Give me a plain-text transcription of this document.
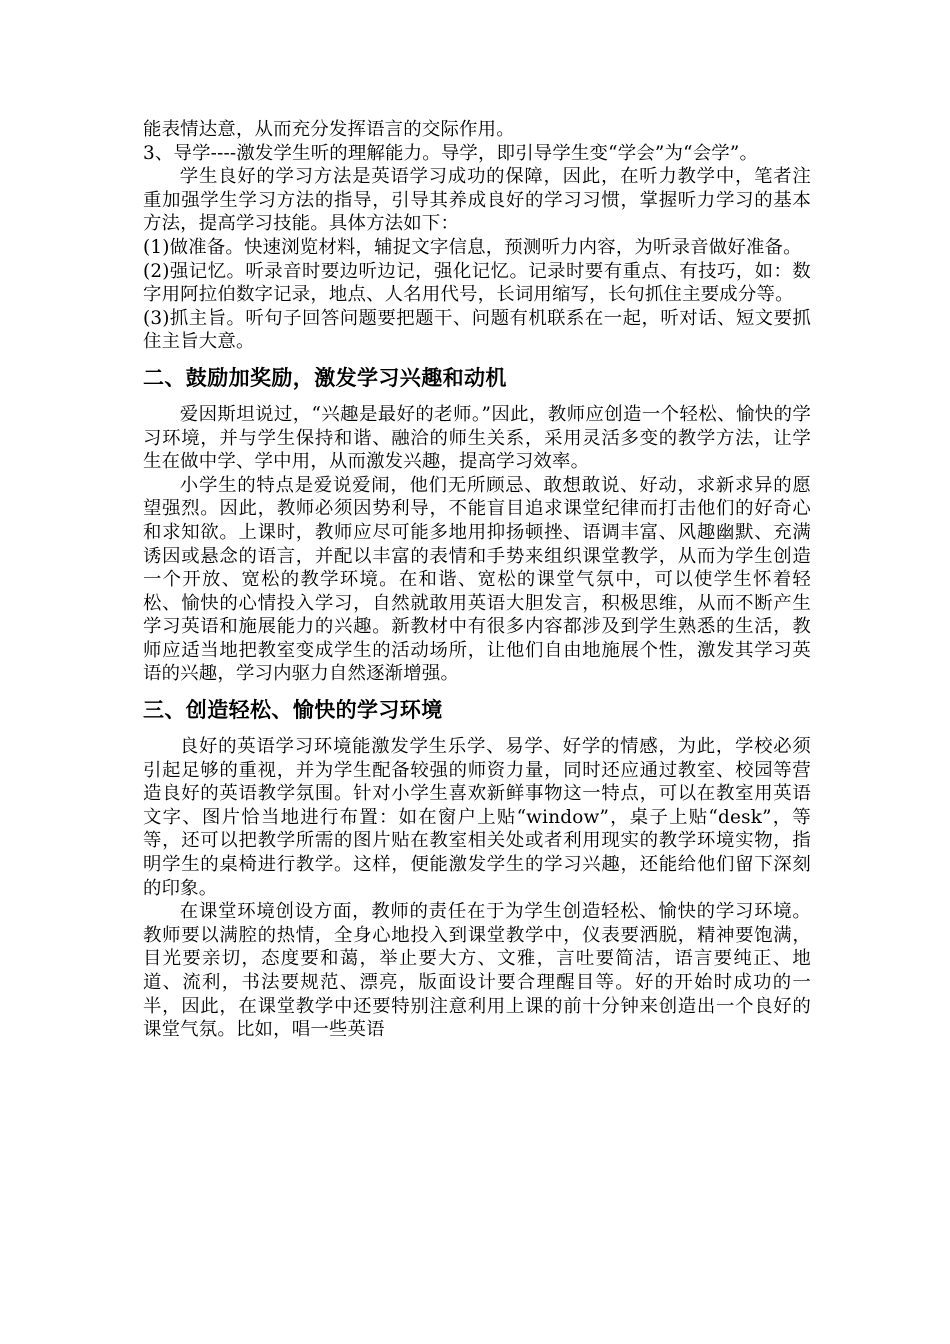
能表情达意，从而充分发挥语言的交际作用。

3、导学----激发学生听的理解能力。导学，即引导学生变“学会”为“会学”。

学生良好的学习方法是英语学习成功的保障，因此，在听力教学中，笔者注重加强学生学习方法的指导，引导其养成良好的学习习惯，掌握听力学习的基本方法，提高学习技能。具体方法如下：

(1)做准备。快速浏览材料，辅捉文字信息，预测听力内容，为听录音做好准备。

(2)强记忆。听录音时要边听边记，强化记忆。记录时要有重点、有技巧，如：数字用阿拉伯数字记录，地点、人名用代号，长词用缩写，长句抓住主要成分等。

(3)抓主旨。听句子回答问题要把题干、问题有机联系在一起，听对话、短文要抓住主旨大意。

二、鼓励加奖励，激发学习兴趣和动机

爱因斯坦说过，“兴趣是最好的老师。”因此，教师应创造一个轻松、愉快的学习环境，并与学生保持和谐、融洽的师生关系，采用灵活多变的教学方法，让学生在做中学、学中用，从而激发兴趣，提高学习效率。

小学生的特点是爱说爱闹，他们无所顾忌、敢想敢说、好动，求新求异的愿望强烈。因此，教师必须因势利导，不能盲目追求课堂纪律而打击他们的好奇心和求知欲。上课时，教师应尽可能多地用抑扬顿挫、语调丰富、风趣幽默、充满诱因或悬念的语言，并配以丰富的表情和手势来组织课堂教学，从而为学生创造一个开放、宽松的教学环境。在和谐、宽松的课堂气氛中，可以使学生怀着轻松、愉快的心情投入学习，自然就敢用英语大胆发言，积极思维，从而不断产生学习英语和施展能力的兴趣。新教材中有很多内容都涉及到学生熟悉的生活，教师应适当地把教室变成学生的活动场所，让他们自由地施展个性，激发其学习英语的兴趣，学习内驱力自然逐渐增强。

三、创造轻松、愉快的学习环境

良好的英语学习环境能激发学生乐学、易学、好学的情感，为此，学校必须引起足够的重视，并为学生配备较强的师资力量，同时还应通过教室、校园等营造良好的英语教学氛围。针对小学生喜欢新鲜事物这一特点，可以在教室用英语文字、图片恰当地进行布置：如在窗户上贴“window”，桌子上贴“desk”，等等，还可以把教学所需的图片贴在教室相关处或者利用现实的教学环境实物，指明学生的桌椅进行教学。这样，便能激发学生的学习兴趣，还能给他们留下深刻的印象。

在课堂环境创设方面，教师的责任在于为学生创造轻松、愉快的学习环境。教师要以满腔的热情，全身心地投入到课堂教学中，仪表要洒脱，精神要饱满，目光要亲切，态度要和蔼，举止要大方、文雅，言吐要简洁，语言要纯正、地道、流利，书法要规范、漂亮，版面设计要合理醒目等。好的开始时成功的一半，因此，在课堂教学中还要特别注意利用上课的前十分钟来创造出一个良好的课堂气氛。比如，唱一些英语
